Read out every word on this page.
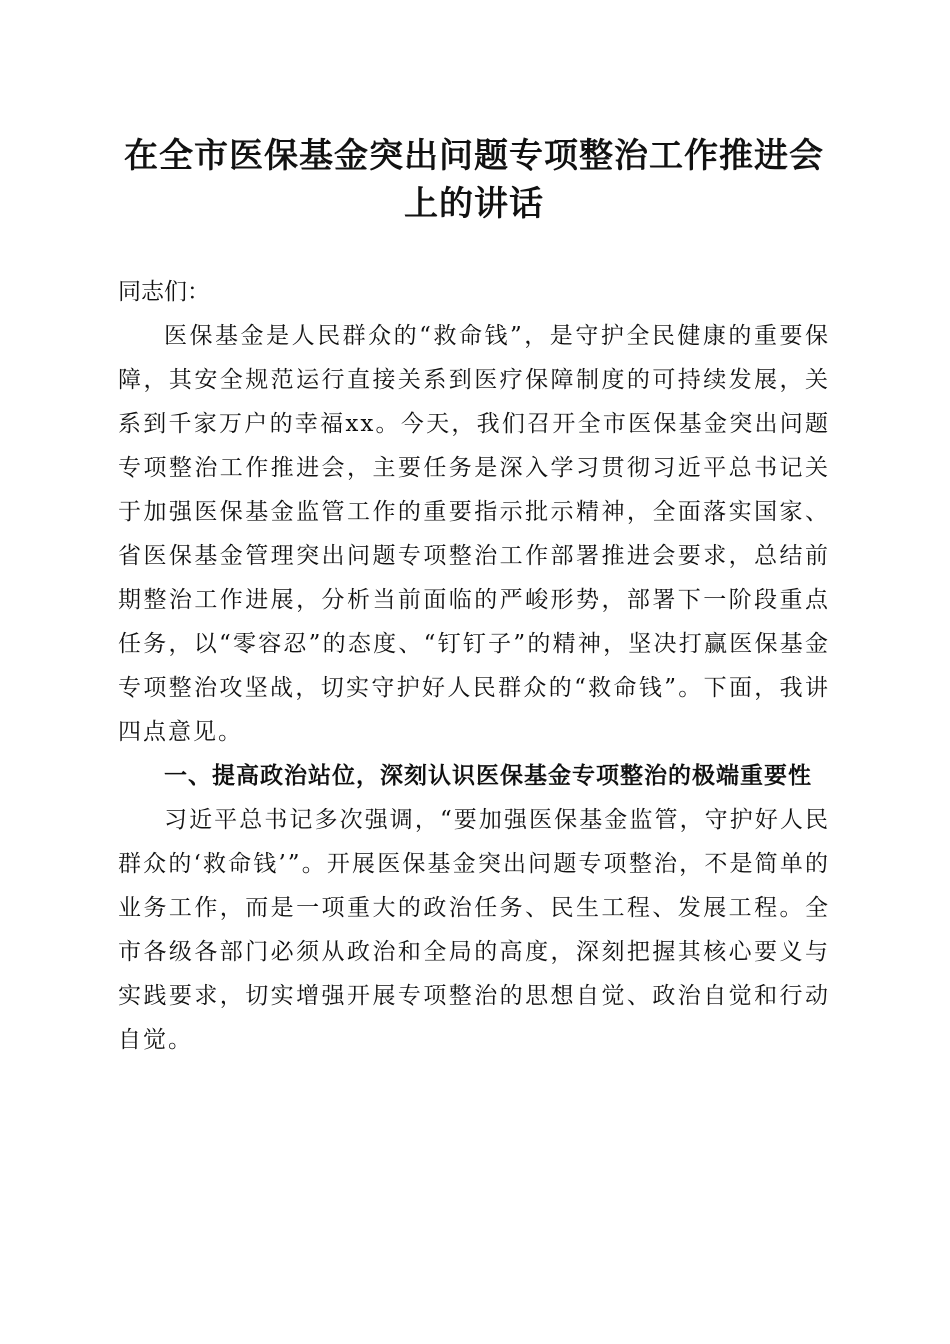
在全市医保基金突出问题专项整治工作推进会上的讲话

同志们：

医保基金是人民群众的“救命钱”，是守护全民健康的重要保障，其安全规范运行直接关系到医疗保障制度的可持续发展，关系到千家万户的幸福xx。今天，我们召开全市医保基金突出问题专项整治工作推进会，主要任务是深入学习贯彻习近平总书记关于加强医保基金监管工作的重要指示批示精神，全面落实国家、省医保基金管理突出问题专项整治工作部署推进会要求，总结前期整治工作进展，分析当前面临的严峻形势，部署下一阶段重点任务，以“零容忍”的态度、“钉钉子”的精神，坚决打赢医保基金专项整治攻坚战，切实守护好人民群众的“救命钱”。下面，我讲四点意见。

一、提高政治站位，深刻认识医保基金专项整治的极端重要性

习近平总书记多次强调，“要加强医保基金监管，守护好人民群众的‘救命钱’”。开展医保基金突出问题专项整治，不是简单的业务工作，而是一项重大的政治任务、民生工程、发展工程。全市各级各部门必须从政治和全局的高度，深刻把握其核心要义与实践要求，切实增强开展专项整治的思想自觉、政治自觉和行动自觉。
